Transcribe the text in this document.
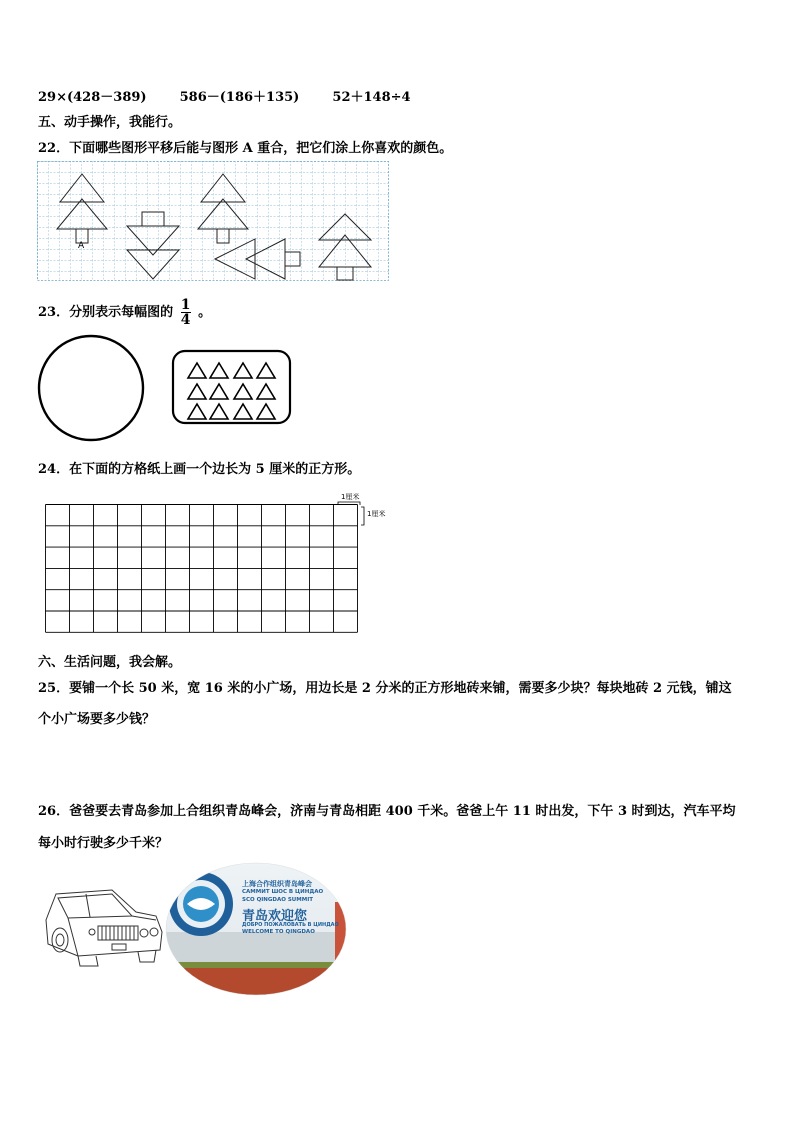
29×(428－389)	586－(186＋135)	52＋148÷4
五、动手操作，我能行。
22．下面哪些图形平移后能与图形 A 重合，把它们涂上你喜欢的颜色。
A
23．分别表示每幅图的 $\frac{1}{4}$ 。
24．在下面的方格纸上画一个边长为 5 厘米的正方形。
1厘米
1厘米
六、生活问题，我会解。
25．要铺一个长 50 米，宽 16 米的小广场，用边长是 2 分米的正方形地砖来铺，需要多少块？每块地砖 2 元钱，铺这
个小广场要多少钱？
26．爸爸要去青岛参加上合组织青岛峰会，济南与青岛相距 400 千米。爸爸上午 11 时出发，下午 3 时到达，汽车平均
每小时行驶多少千米？
上海合作组织青岛峰会
САММИТ ШОС В ЦИНДАО
SCO QINGDAO SUMMIT
青岛欢迎您
ДОБРО ПОЖАЛОВАТЬ В ЦИНДАО
WELCOME TO QINGDAO
